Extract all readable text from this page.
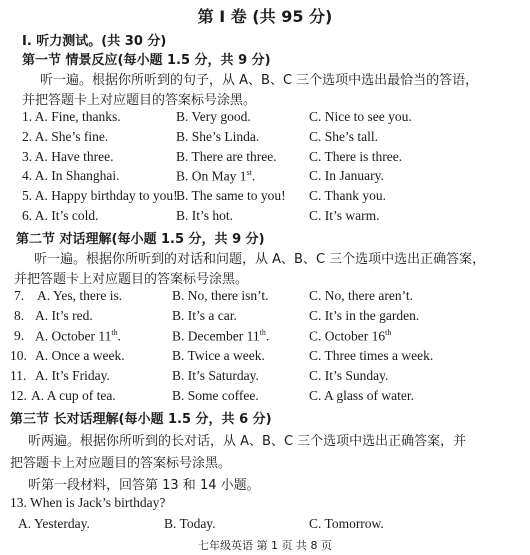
第 I 卷 (共 95 分)
I. 听力测试。(共 30 分)
第一节 情景反应(每小题 1.5 分，共 9 分)
听一遍。根据你所听到的句子，从 A、B、C 三个选项中选出最恰当的答语，
并把答题卡上对应题目的答案标号涂黑。
1. A. Fine, thanks.	B. Very good.	C. Nice to see you.
2. A. She’s fine.	B. She’s Linda.	C. She’s tall.
3. A. Have three.	B. There are three. C. There is three.
4. A. In Shanghai.	B. On May 1st.	C. In January.
5. A. Happy birthday to you!
B. The same to you! C. Thank you.
6. A. It’s cold.	B. It’s hot.	C. It’s warm.
第二节 对话理解(每小题 1.5 分，共 9 分)
听一遍。根据你所听到的对话和问题，从 A、B、C 三个选项中选出正确答案，
并把答题卡上对应题目的答案标号涂黑。
7. A. Yes, there is.	B. No, there isn’t.	C. No, there aren’t.
8. A. It’s red.	B. It’s a car.	C. It’s in the garden.
9. A. October 11th.	B. December 11th.	C. October 16th
10. A. Once a week.	B. Twice a week.	C. Three times a week.
11. A. It’s Friday.	B. It’s Saturday.	C. It’s Sunday.
12. A. A cup of tea.	B. Some coffee.	C. A glass of water.
第三节 长对话理解(每小题 1.5 分，共 6 分)
听两遍。根据你所听到的长对话，从 A、B、C 三个选项中选出正确答案，并
把答题卡上对应题目的答案标号涂黑。
听第一段材料，回答第 13 和 14 小题。
13. When is Jack’s birthday?
A. Yesterday.	B. Today.	C. Tomorrow.
七年级英语 第 1 页 共 8 页
